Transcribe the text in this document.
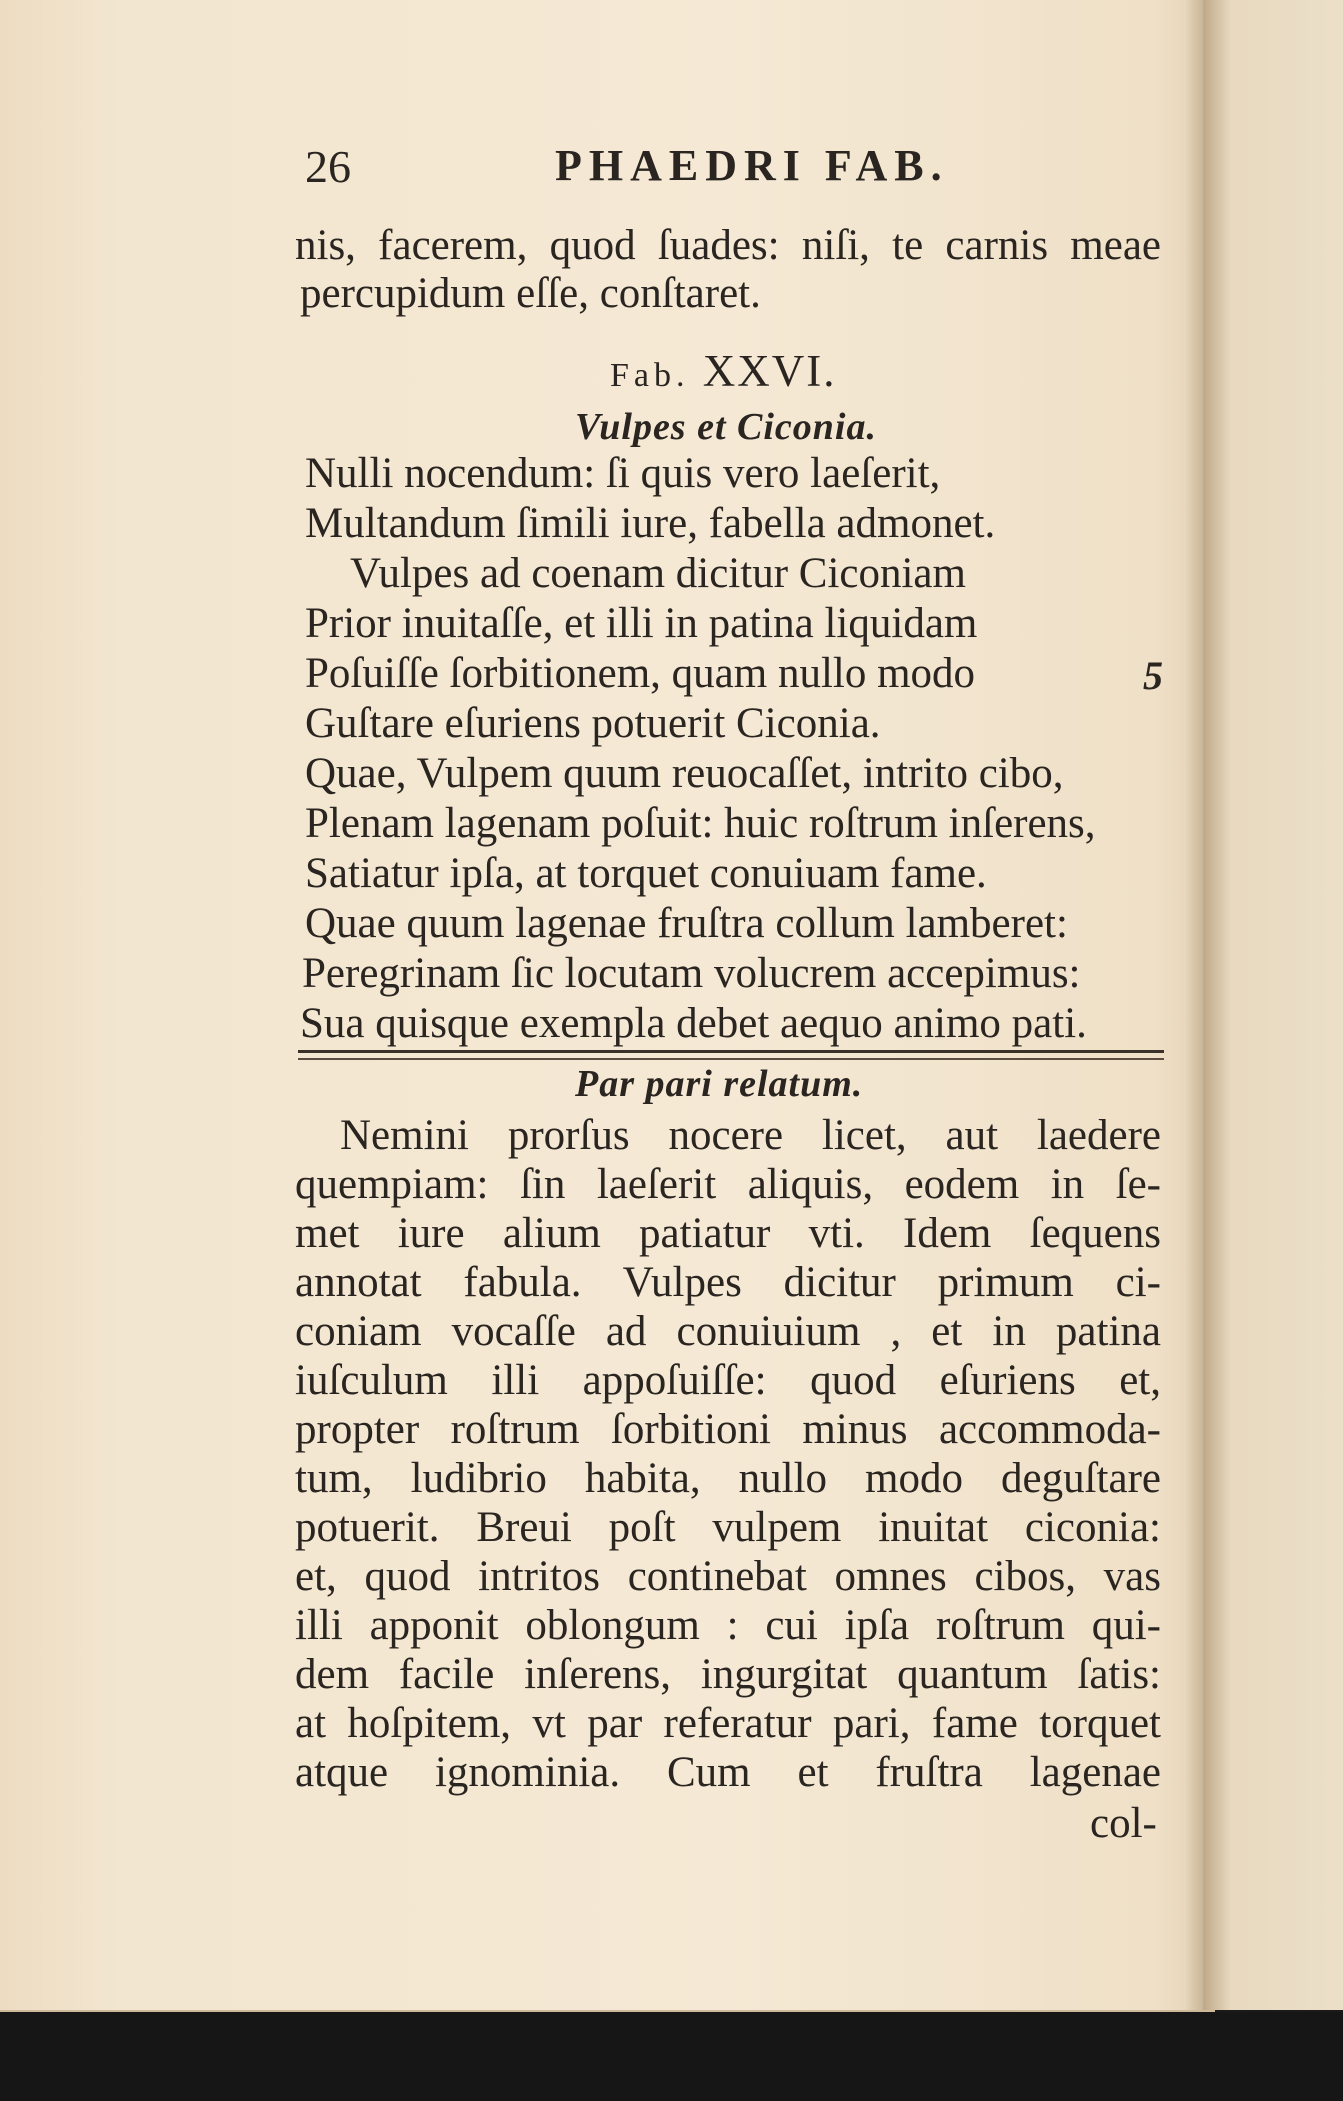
26	PHAEDRI FAB.
nis, facerem, quod ſuades: niſi, te carnis meae
percupidum eſſe, conſtaret.
Fab. XXVI.
Vulpes et Ciconia.
Nulli nocendum: ſi quis vero laeſerit,
Multandum ſimili iure, fabella admonet.
Vulpes ad coenam dicitur Ciconiam
Prior inuitaſſe, et illi in patina liquidam
Poſuiſſe ſorbitionem, quam nullo modo	5
Guſtare eſuriens potuerit Ciconia.
Quae, Vulpem quum reuocaſſet, intrito cibo,
Plenam lagenam poſuit: huic roſtrum inſerens,
Satiatur ipſa, at torquet conuiuam fame.
Quae quum lagenae fruſtra collum lamberet:
Peregrinam ſic locutam volucrem accepimus:
Sua quisque exempla debet aequo animo pati.
Par pari relatum.
Nemini prorſus nocere licet, aut laedere
quempiam: ſin laeſerit aliquis, eodem in ſe-
met iure alium patiatur vti. Idem ſequens
annotat fabula. Vulpes dicitur primum ci-
coniam vocaſſe ad conuiuium , et in patina
iuſculum illi appoſuiſſe: quod eſuriens et,
propter roſtrum ſorbitioni minus accommoda-
tum, ludibrio habita, nullo modo deguſtare
potuerit. Breui poſt vulpem inuitat ciconia:
et, quod intritos continebat omnes cibos, vas
illi apponit oblongum : cui ipſa roſtrum qui-
dem facile inſerens, ingurgitat quantum ſatis:
at hoſpitem, vt par referatur pari, fame torquet
atque ignominia. Cum et fruſtra lagenae
col-
